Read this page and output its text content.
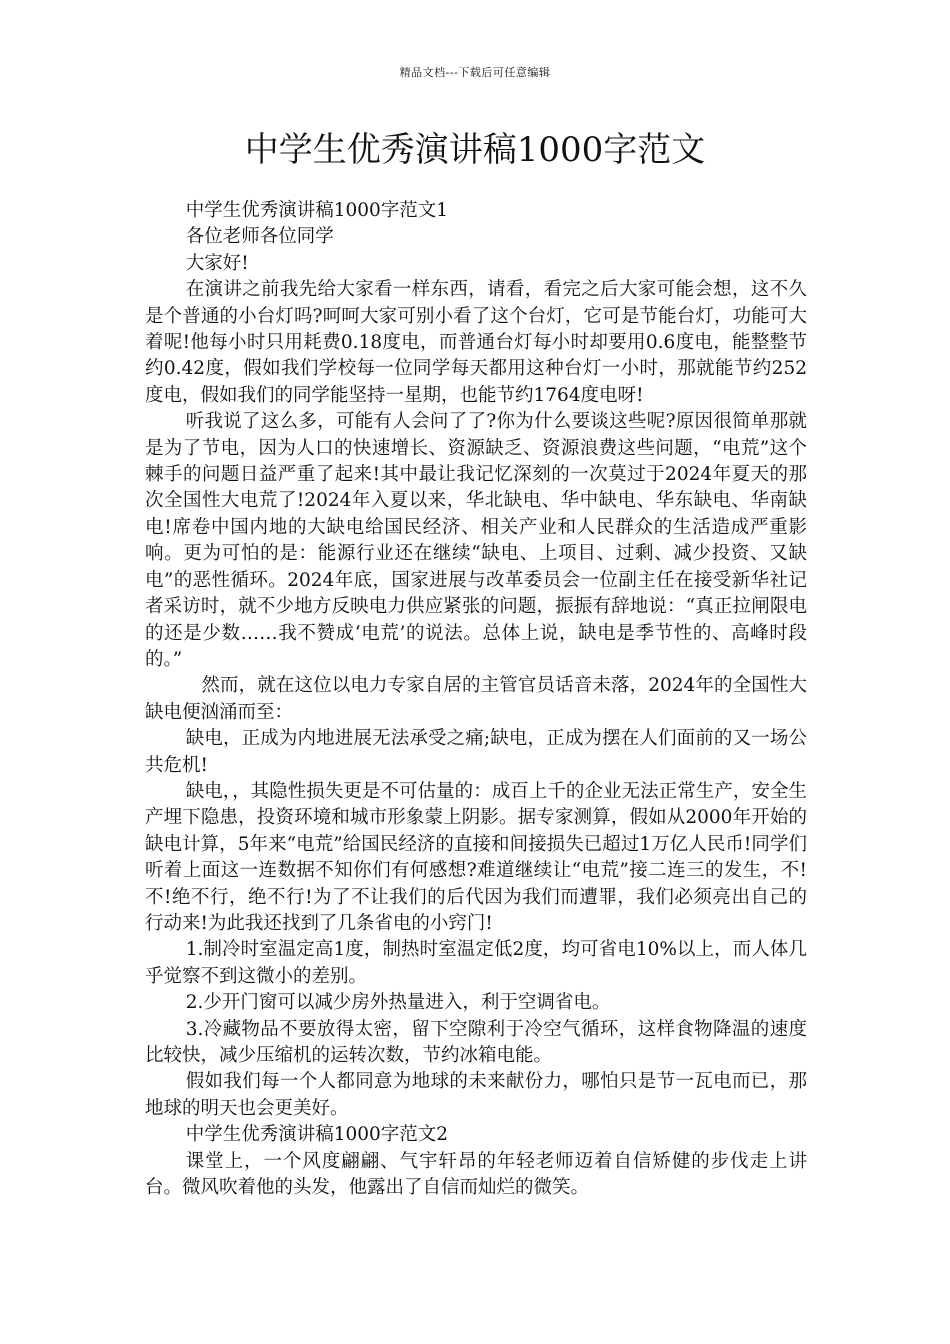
精品文档---下载后可任意编辑
中学生优秀演讲稿1000字范文

中学生优秀演讲稿1000字范文1

各位老师各位同学

大家好!

在演讲之前我先给大家看一样东西，请看，看完之后大家可能会想，这不久是个普通的小台灯吗?呵呵大家可别小看了这个台灯，它可是节能台灯，功能可大着呢!他每小时只用耗费0.18度电，而普通台灯每小时却要用0.6度电，能整整节约0.42度，假如我们学校每一位同学每天都用这种台灯一小时，那就能节约252度电，假如我们的同学能坚持一星期，也能节约1764度电呀!

听我说了这么多，可能有人会问了了?你为什么要谈这些呢?原因很简单那就是为了节电，因为人口的快速增长、资源缺乏、资源浪费这些问题，“电荒”这个棘手的问题日益严重了起来!其中最让我记忆深刻的一次莫过于2024年夏天的那次全国性大电荒了!2024年入夏以来，华北缺电、华中缺电、华东缺电、华南缺电!席卷中国内地的大缺电给国民经济、相关产业和人民群众的生活造成严重影响。更为可怕的是：能源行业还在继续“缺电、上项目、过剩、减少投资、又缺电”的恶性循环。2024年底，国家进展与改革委员会一位副主任在接受新华社记者采访时，就不少地方反映电力供应紧张的问题，振振有辞地说：“真正拉闸限电的还是少数……我不赞成‘电荒’的说法。总体上说，缺电是季节性的、高峰时段的。”

然而，就在这位以电力专家自居的主管官员话音未落，2024年的全国性大缺电便汹涌而至：

缺电，正成为内地进展无法承受之痛;缺电，正成为摆在人们面前的又一场公共危机!

缺电，，其隐性损失更是不可估量的：成百上千的企业无法正常生产，安全生产埋下隐患，投资环境和城市形象蒙上阴影。据专家测算，假如从2000年开始的缺电计算，5年来“电荒”给国民经济的直接和间接损失已超过1万亿人民币!同学们听着上面这一连数据不知你们有何感想?难道继续让“电荒”接二连三的发生，不!不!绝不行，绝不行!为了不让我们的后代因为我们而遭罪，我们必须亮出自己的行动来!为此我还找到了几条省电的小窍门!

1.制冷时室温定高1度，制热时室温定低2度，均可省电10%以上，而人体几乎觉察不到这微小的差别。

2.少开门窗可以减少房外热量进入，利于空调省电。

3.冷藏物品不要放得太密，留下空隙利于冷空气循环，这样食物降温的速度比较快，减少压缩机的运转次数，节约冰箱电能。

假如我们每一个人都同意为地球的未来献份力，哪怕只是节一瓦电而已，那地球的明天也会更美好。

中学生优秀演讲稿1000字范文2

课堂上，一个风度翩翩、气宇轩昂的年轻老师迈着自信矫健的步伐走上讲台。微风吹着他的头发，他露出了自信而灿烂的微笑。
